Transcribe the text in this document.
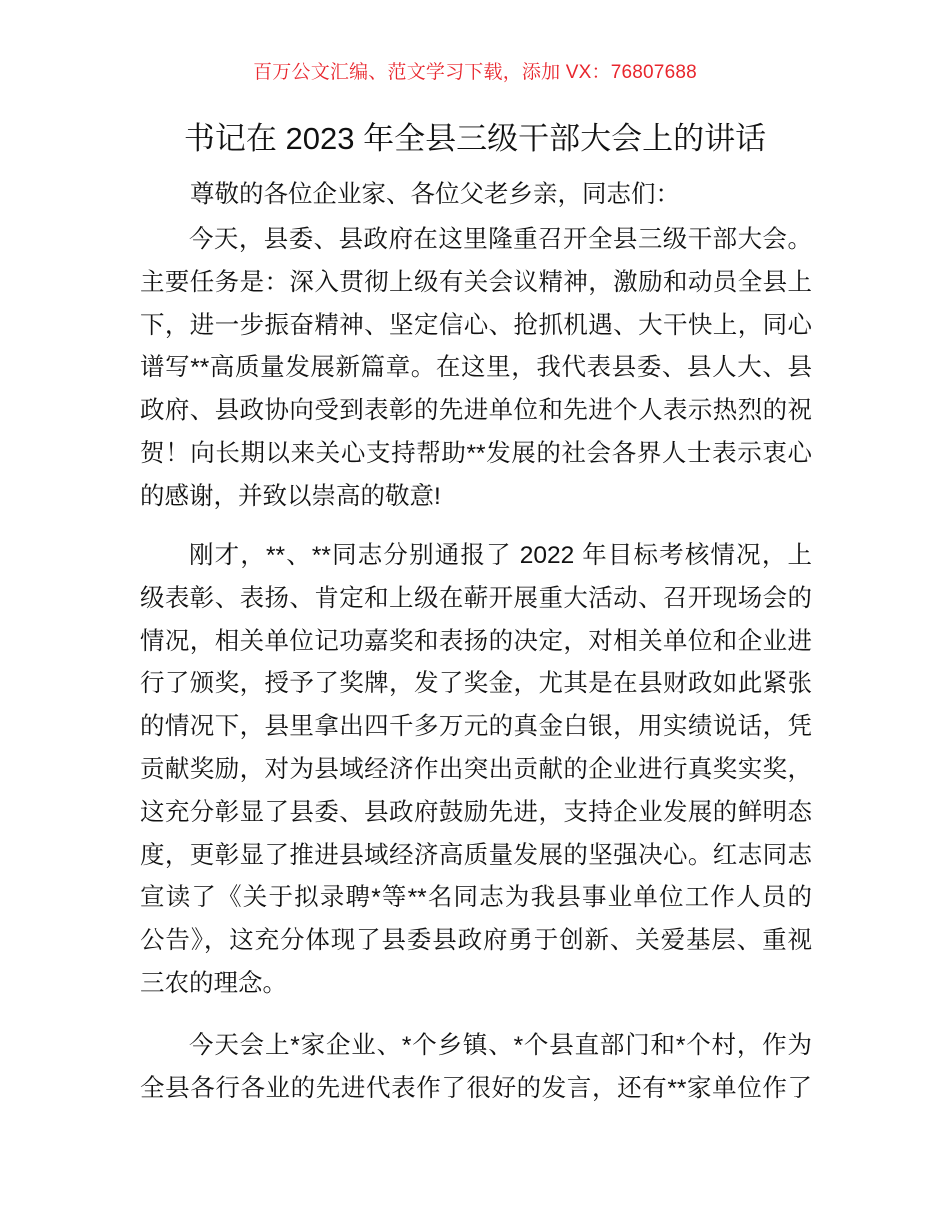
百万公文汇编、范文学习下载，添加 VX：76807688
书记在 2023 年全县三级干部大会上的讲话
尊敬的各位企业家、各位父老乡亲，同志们：
今天，县委、县政府在这里隆重召开全县三级干部大会。
主要任务是：深入贯彻上级有关会议精神，激励和动员全县上
下，进一步振奋精神、坚定信心、抢抓机遇、大干快上，同心
谱写**高质量发展新篇章。在这里，我代表县委、县人大、县
政府、县政协向受到表彰的先进单位和先进个人表示热烈的祝
贺！向长期以来关心支持帮助**发展的社会各界人士表示衷心
的感谢，并致以崇高的敬意!
刚才，**、**同志分别通报了 2022 年目标考核情况，上
级表彰、表扬、肯定和上级在蕲开展重大活动、召开现场会的
情况，相关单位记功嘉奖和表扬的决定，对相关单位和企业进
行了颁奖，授予了奖牌，发了奖金，尤其是在县财政如此紧张
的情况下，县里拿出四千多万元的真金白银，用实绩说话，凭
贡献奖励，对为县域经济作出突出贡献的企业进行真奖实奖，
这充分彰显了县委、县政府鼓励先进，支持企业发展的鲜明态
度，更彰显了推进县域经济高质量发展的坚强决心。红志同志
宣读了《关于拟录聘*等**名同志为我县事业单位工作人员的
公告》，这充分体现了县委县政府勇于创新、关爱基层、重视
三农的理念。
今天会上*家企业、*个乡镇、*个县直部门和*个村，作为
全县各行各业的先进代表作了很好的发言，还有**家单位作了
